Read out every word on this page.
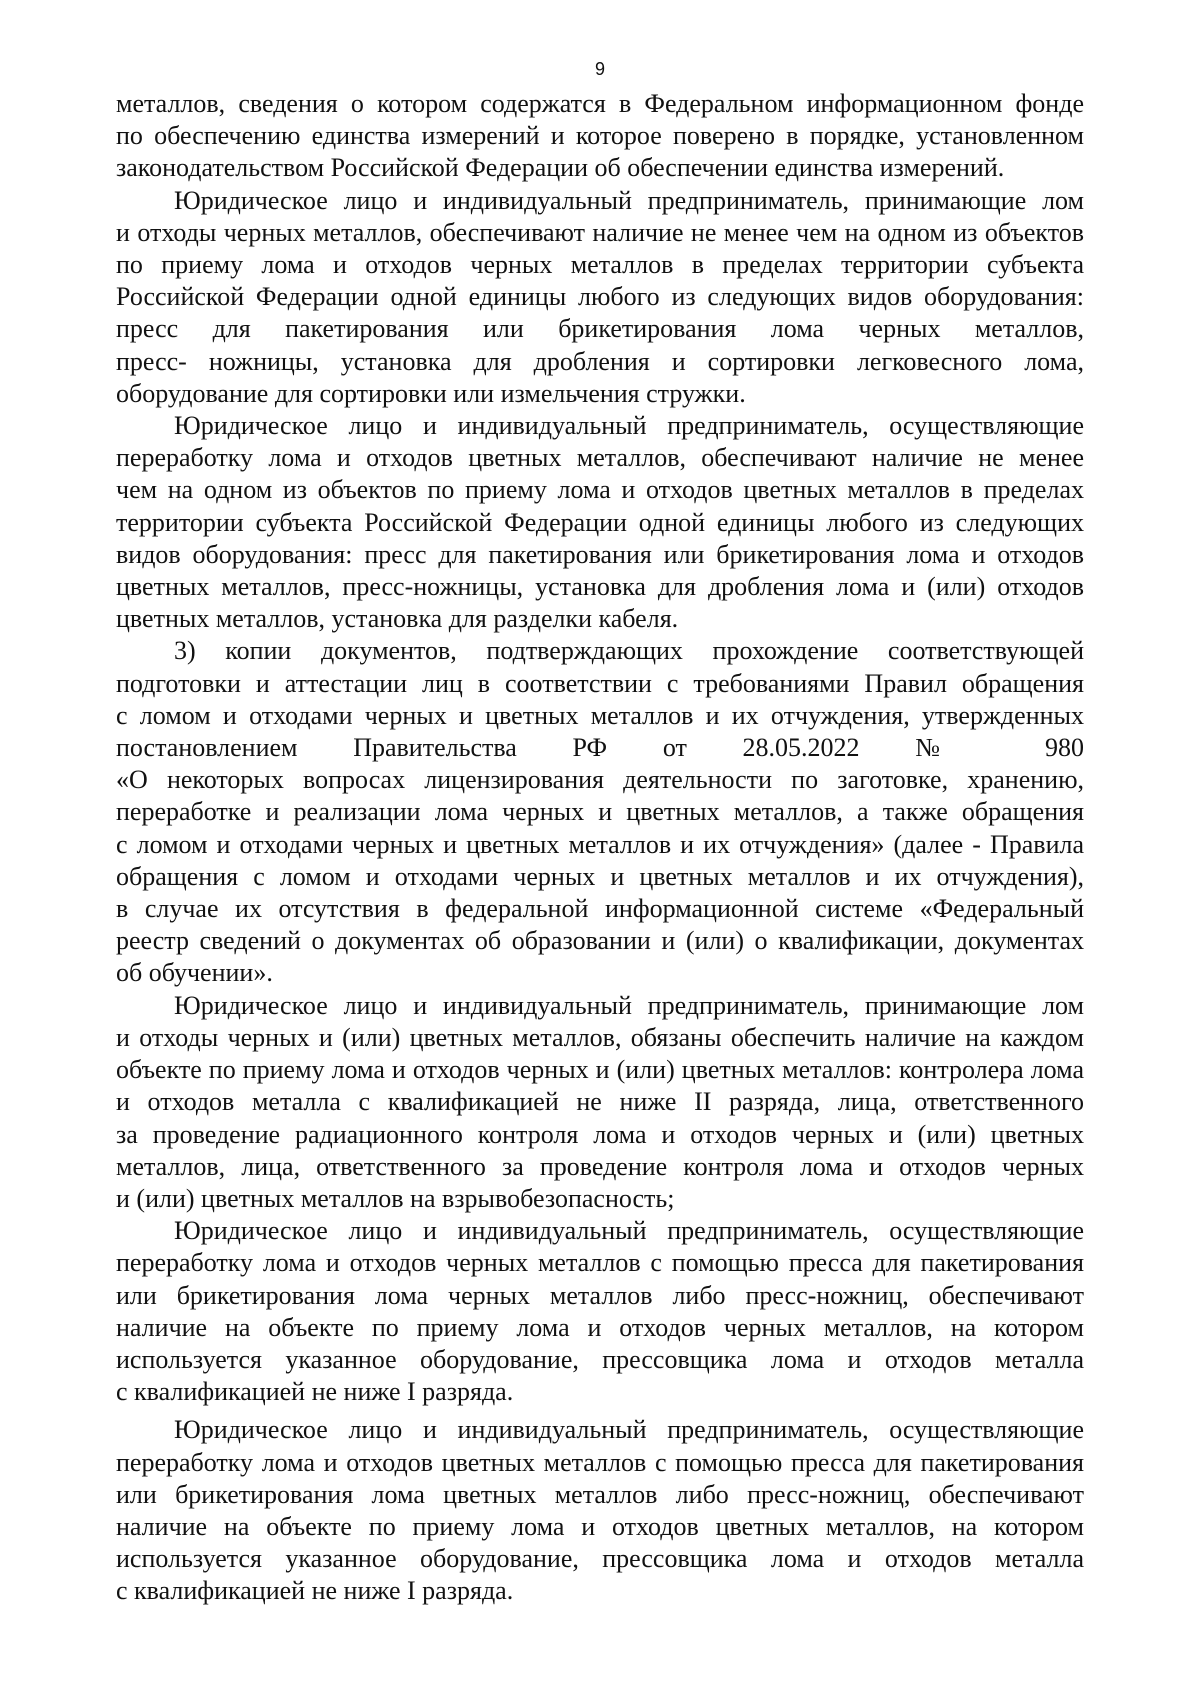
9

металлов, сведения о котором содержатся в Федеральном информационном фонде
по обеспечению единства измерений и которое поверено в порядке, установленном
законодательством Российской Федерации об обеспечении единства измерений.

Юридическое лицо и индивидуальный предприниматель, принимающие лом
и отходы черных металлов, обеспечивают наличие не менее чем на одном из объектов
по приему лома и отходов черных металлов в пределах территории субъекта
Российской Федерации одной единицы любого из следующих видов оборудования:
пресс для пакетирования или брикетирования лома черных металлов,
пресс- ножницы, установка для дробления и сортировки легковесного лома,
оборудование для сортировки или измельчения стружки.

Юридическое лицо и индивидуальный предприниматель, осуществляющие
переработку лома и отходов цветных металлов, обеспечивают наличие не менее
чем на одном из объектов по приему лома и отходов цветных металлов в пределах
территории субъекта Российской Федерации одной единицы любого из следующих
видов оборудования: пресс для пакетирования или брикетирования лома и отходов
цветных металлов, пресс-ножницы, установка для дробления лома и (или) отходов
цветных металлов, установка для разделки кабеля.

3) копии документов, подтверждающих прохождение соответствующей
подготовки и аттестации лиц в соответствии с требованиями Правил обращения
с ломом и отходами черных и цветных металлов и их отчуждения, утвержденных
постановлением Правительства РФ от 28.05.2022 № 980
«О некоторых вопросах лицензирования деятельности по заготовке, хранению,
переработке и реализации лома черных и цветных металлов, а также обращения
с ломом и отходами черных и цветных металлов и их отчуждения» (далее - Правила
обращения с ломом и отходами черных и цветных металлов и их отчуждения),
в случае их отсутствия в федеральной информационной системе «Федеральный
реестр сведений о документах об образовании и (или) о квалификации, документах
об обучении».

Юридическое лицо и индивидуальный предприниматель, принимающие лом
и отходы черных и (или) цветных металлов, обязаны обеспечить наличие на каждом
объекте по приему лома и отходов черных и (или) цветных металлов: контролера лома
и отходов металла с квалификацией не ниже II разряда, лица, ответственного
за проведение радиационного контроля лома и отходов черных и (или) цветных
металлов, лица, ответственного за проведение контроля лома и отходов черных
и (или) цветных металлов на взрывобезопасность;

Юридическое лицо и индивидуальный предприниматель, осуществляющие
переработку лома и отходов черных металлов с помощью пресса для пакетирования
или брикетирования лома черных металлов либо пресс-ножниц, обеспечивают
наличие на объекте по приему лома и отходов черных металлов, на котором
используется указанное оборудование, прессовщика лома и отходов металла
с квалификацией не ниже I разряда.

Юридическое лицо и индивидуальный предприниматель, осуществляющие
переработку лома и отходов цветных металлов с помощью пресса для пакетирования
или брикетирования лома цветных металлов либо пресс-ножниц, обеспечивают
наличие на объекте по приему лома и отходов цветных металлов, на котором
используется указанное оборудование, прессовщика лома и отходов металла
с квалификацией не ниже I разряда.
